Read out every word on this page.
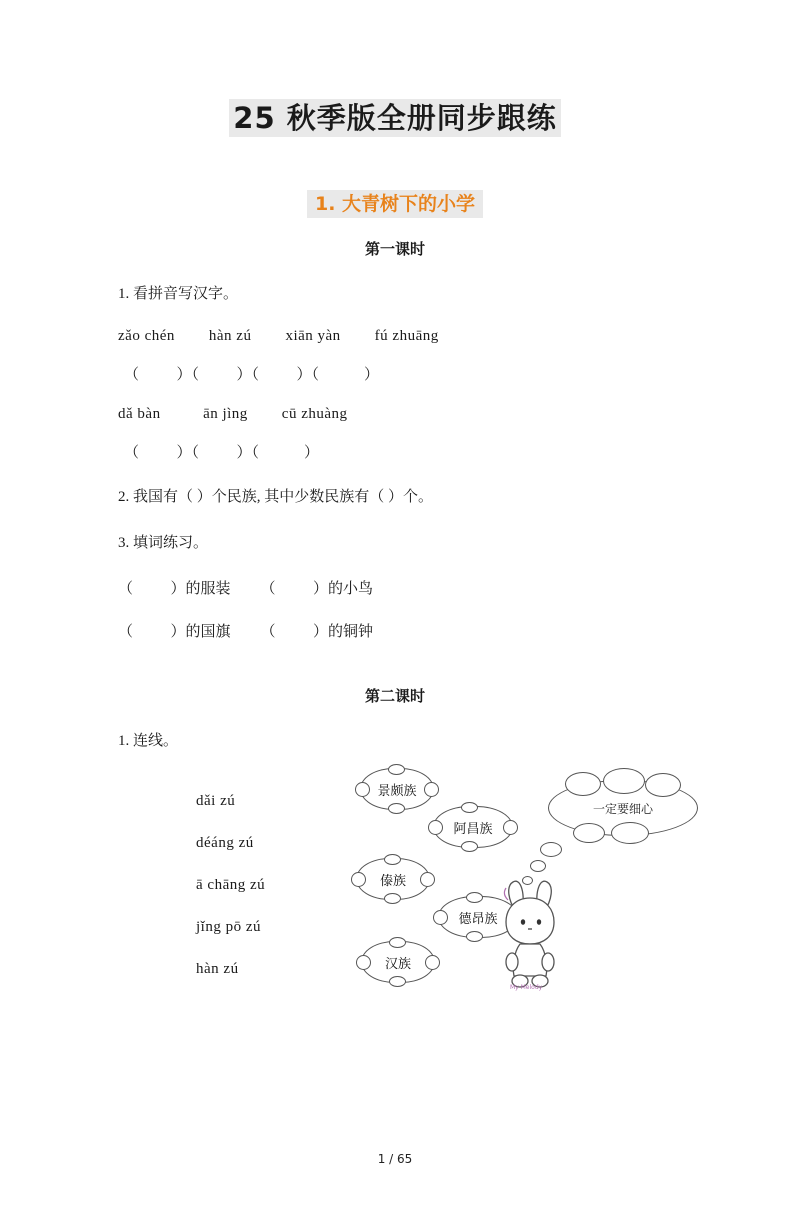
25 秋季版全册同步跟练
1. 大青树下的小学
第一课时
1. 看拼音写汉字。
zǎo chén        hàn zú        xiān yàn        fú zhuāng
（          ）（          ）（          ）（            ）
dǎ bàn          ān jìng        cū zhuàng
（          ）（          ）（            ）
2. 我国有（ ）个民族, 其中少数民族有（ ）个。
3. 填词练习。
（          ）的服装        （          ）的小鸟
（          ）的国旗        （          ）的铜钟
第二课时
1. 连线。
dǎi zú
déáng zú
ā chāng zú
jǐng pō zú
hàn zú
景颇族
阿昌族
傣族
德昂族
汉族
一定要细心
My Melody
1 / 65
